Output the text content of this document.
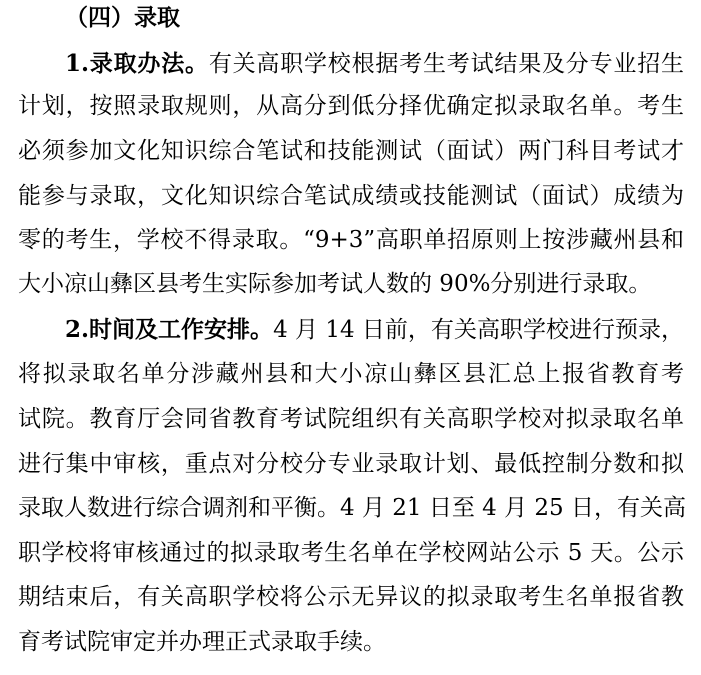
（四）录取
1.录取办法。有关高职学校根据考生考试结果及分专业招生
计划，按照录取规则，从高分到低分择优确定拟录取名单。考生
必须参加文化知识综合笔试和技能测试（面试）两门科目考试才
能参与录取，文化知识综合笔试成绩或技能测试（面试）成绩为
零的考生，学校不得录取。“9+3”高职单招原则上按涉藏州县和
大小凉山彝区县考生实际参加考试人数的 90%分别进行录取。
2.时间及工作安排。4 月 14 日前，有关高职学校进行预录，
将拟录取名单分涉藏州县和大小凉山彝区县汇总上报省教育考
试院。教育厅会同省教育考试院组织有关高职学校对拟录取名单
进行集中审核，重点对分校分专业录取计划、最低控制分数和拟
录取人数进行综合调剂和平衡。4 月 21 日至 4 月 25 日，有关高
职学校将审核通过的拟录取考生名单在学校网站公示 5 天。公示
期结束后，有关高职学校将公示无异议的拟录取考生名单报省教
育考试院审定并办理正式录取手续。
